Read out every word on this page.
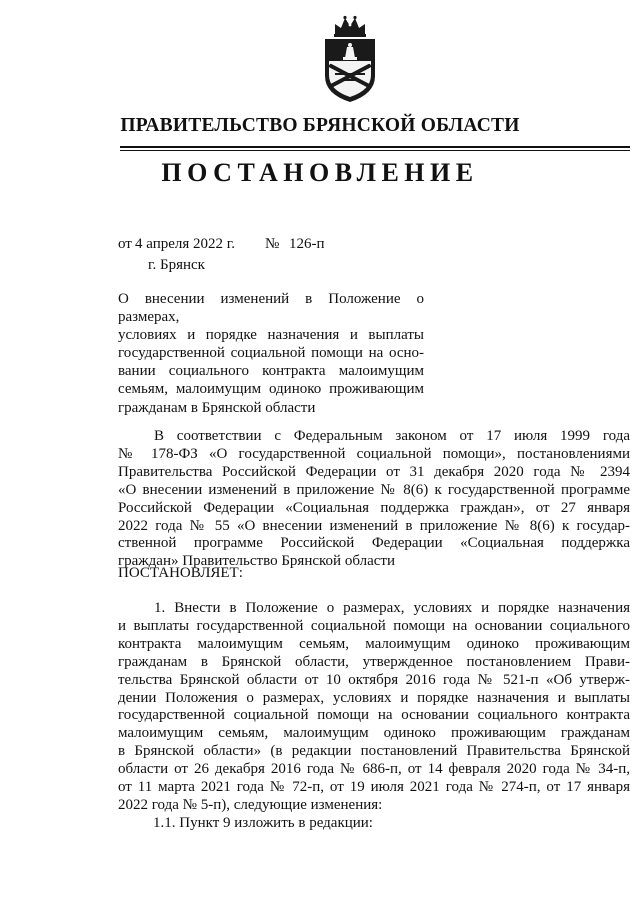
ПРАВИТЕЛЬСТВО БРЯНСКОЙ ОБЛАСТИ
ПОСТАНОВЛЕНИЕ
от 4 апреля 2022 г. № 126-п
г. Брянск
О внесении изменений в Положение о размерах,
условиях и порядке назначения и выплаты
государственной социальной помощи на осно-
вании социального контракта малоимущим
семьям, малоимущим одиноко проживающим
гражданам в Брянской области
В соответствии с Федеральным законом от 17 июля 1999 года
№ 178-ФЗ «О государственной социальной помощи», постановлениями
Правительства Российской Федерации от 31 декабря 2020 года № 2394
«О внесении изменений в приложение № 8(6) к государственной программе
Российской Федерации «Социальная поддержка граждан», от 27 января
2022 года № 55 «О внесении изменений в приложение № 8(6) к государ-
ственной программе Российской Федерации «Социальная поддержка
граждан» Правительство Брянской области
ПОСТАНОВЛЯЕТ:
1. Внести в Положение о размерах, условиях и порядке назначения
и выплаты государственной социальной помощи на основании социального
контракта малоимущим семьям, малоимущим одиноко проживающим
гражданам в Брянской области, утвержденное постановлением Прави-
тельства Брянской области от 10 октября 2016 года № 521-п «Об утверж-
дении Положения о размерах, условиях и порядке назначения и выплаты
государственной социальной помощи на основании социального контракта
малоимущим семьям, малоимущим одиноко проживающим гражданам
в Брянской области» (в редакции постановлений Правительства Брянской
области от 26 декабря 2016 года № 686-п, от 14 февраля 2020 года № 34-п,
от 11 марта 2021 года № 72-п, от 19 июля 2021 года № 274-п, от 17 января
2022 года № 5-п), следующие изменения:
1.1. Пункт 9 изложить в редакции:
